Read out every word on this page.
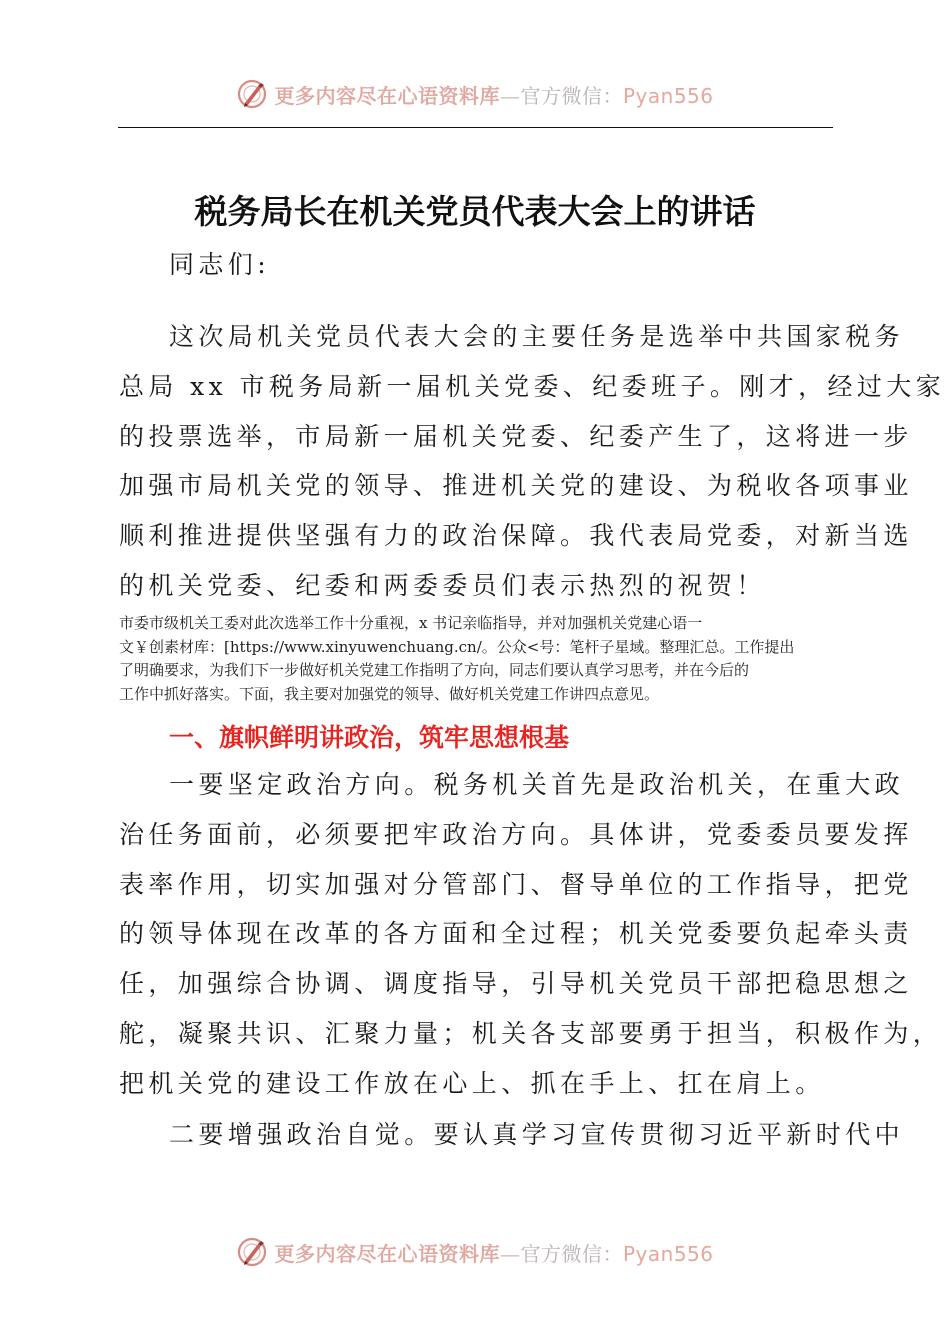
更多内容尽在心语资料库—官方微信：Pyan556
税务局长在机关党员代表大会上的讲话
同志们:
这次局机关党员代表大会的主要任务是选举中共国家税务
总局 xx 市税务局新一届机关党委、纪委班子。刚才，经过大家
的投票选举，市局新一届机关党委、纪委产生了，这将进一步
加强市局机关党的领导、推进机关党的建设、为税收各项事业
顺利推进提供坚强有力的政治保障。我代表局党委，对新当选
的机关党委、纪委和两委委员们表示热烈的祝贺！
市委市级机关工委对此次选举工作十分重视，x 书记亲临指导，并对加强机关党建心语一
文￥创素材库：[https://www.xinyuwenchuang.cn/。公众<号：笔杆子星域。整理汇总。工作提出
了明确要求，为我们下一步做好机关党建工作指明了方向，同志们要认真学习思考，并在今后的
工作中抓好落实。下面，我主要对加强党的领导、做好机关党建工作讲四点意见。
一、旗帜鲜明讲政治，筑牢思想根基
一要坚定政治方向。税务机关首先是政治机关，在重大政
治任务面前，必须要把牢政治方向。具体讲，党委委员要发挥
表率作用，切实加强对分管部门、督导单位的工作指导，把党
的领导体现在改革的各方面和全过程；机关党委要负起牵头责
任，加强综合协调、调度指导，引导机关党员干部把稳思想之
舵，凝聚共识、汇聚力量；机关各支部要勇于担当，积极作为，
把机关党的建设工作放在心上、抓在手上、扛在肩上。
二要增强政治自觉。要认真学习宣传贯彻习近平新时代中
更多内容尽在心语资料库—官方微信：Pyan556
